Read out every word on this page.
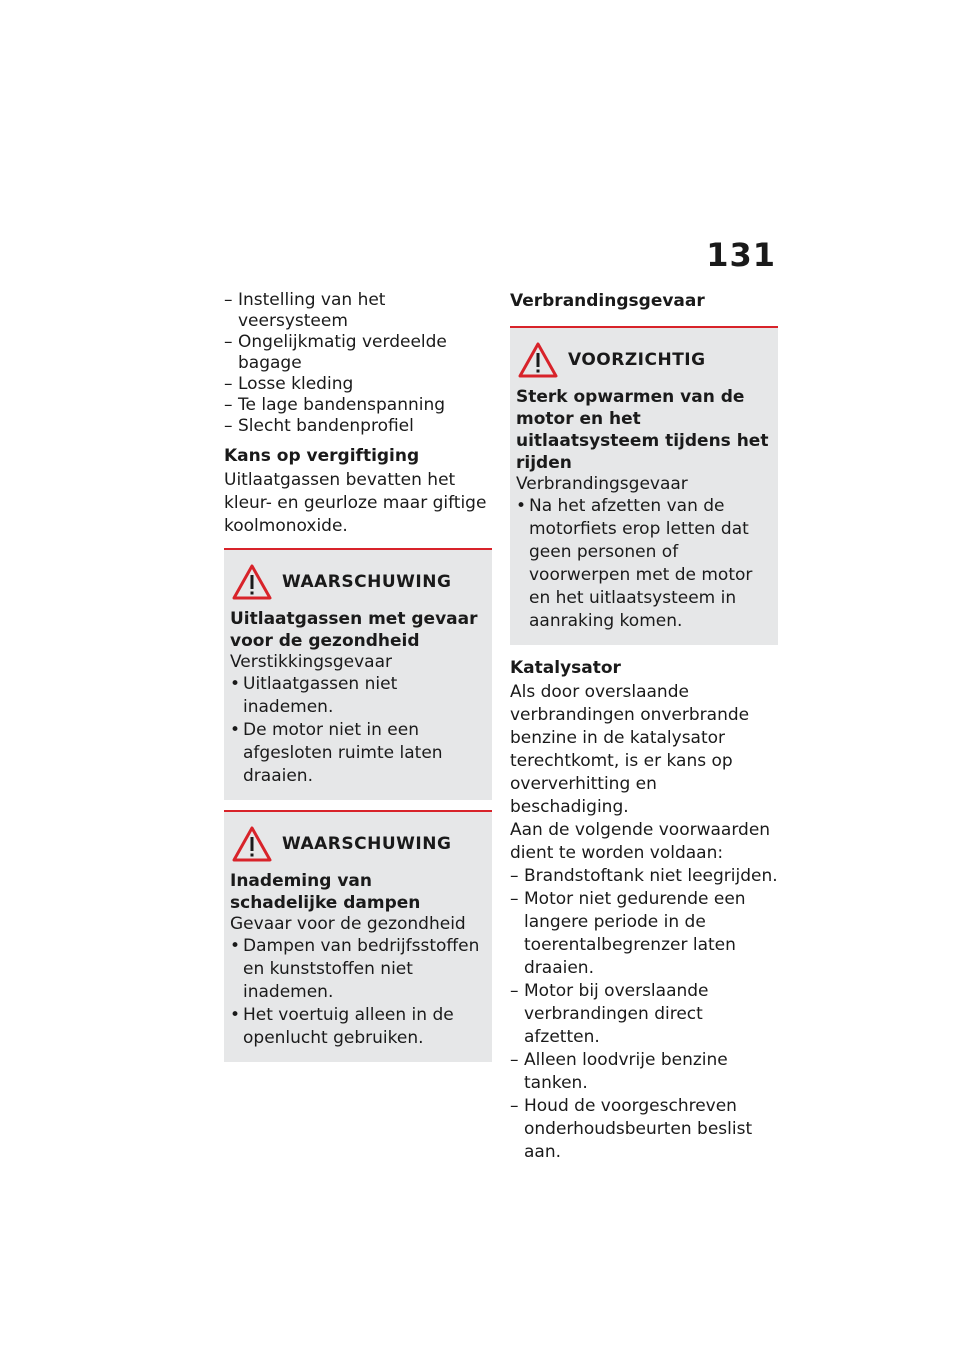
131
– Instelling van het veersysteem
– Ongelijkmatig verdeelde bagage
– Losse kleding
– Te lage bandenspanning
– Slecht bandenprofiel
Kans op vergiftiging

Uitlaatgassen bevatten het kleur- en geurloze maar giftige koolmonoxide.

WAARSCHUWING

Uitlaatgassen met gevaar voor de gezondheid

Verstikkingsgevaar

• Uitlaatgassen niet inademen.
• De motor niet in een afgesloten ruimte laten draaien.
WAARSCHUWING

Inademing van schadelijke dampen

Gevaar voor de gezondheid

• Dampen van bedrijfsstoffen en kunststoffen niet inademen.
• Het voertuig alleen in de openlucht gebruiken.
Verbrandingsgevaar
VOORZICHTIG

Sterk opwarmen van de motor en het uitlaatsysteem tijdens het rijden

Verbrandingsgevaar

• Na het afzetten van de motorfiets erop letten dat geen personen of voorwerpen met de motor en het uitlaatsysteem in aanraking komen.
Katalysator

Als door overslaande verbrandingen onverbrande benzine in de katalysator terechtkomt, is er kans op oververhitting en beschadiging.

Aan de volgende voorwaarden dient te worden voldaan:

– Brandstoftank niet leegrijden.
– Motor niet gedurende een langere periode in de toerentalbegrenzer laten draaien.
– Motor bij overslaande verbrandingen direct afzetten.
– Alleen loodvrije benzine tanken.
– Houd de voorgeschreven onderhoudsbeurten beslist aan.
